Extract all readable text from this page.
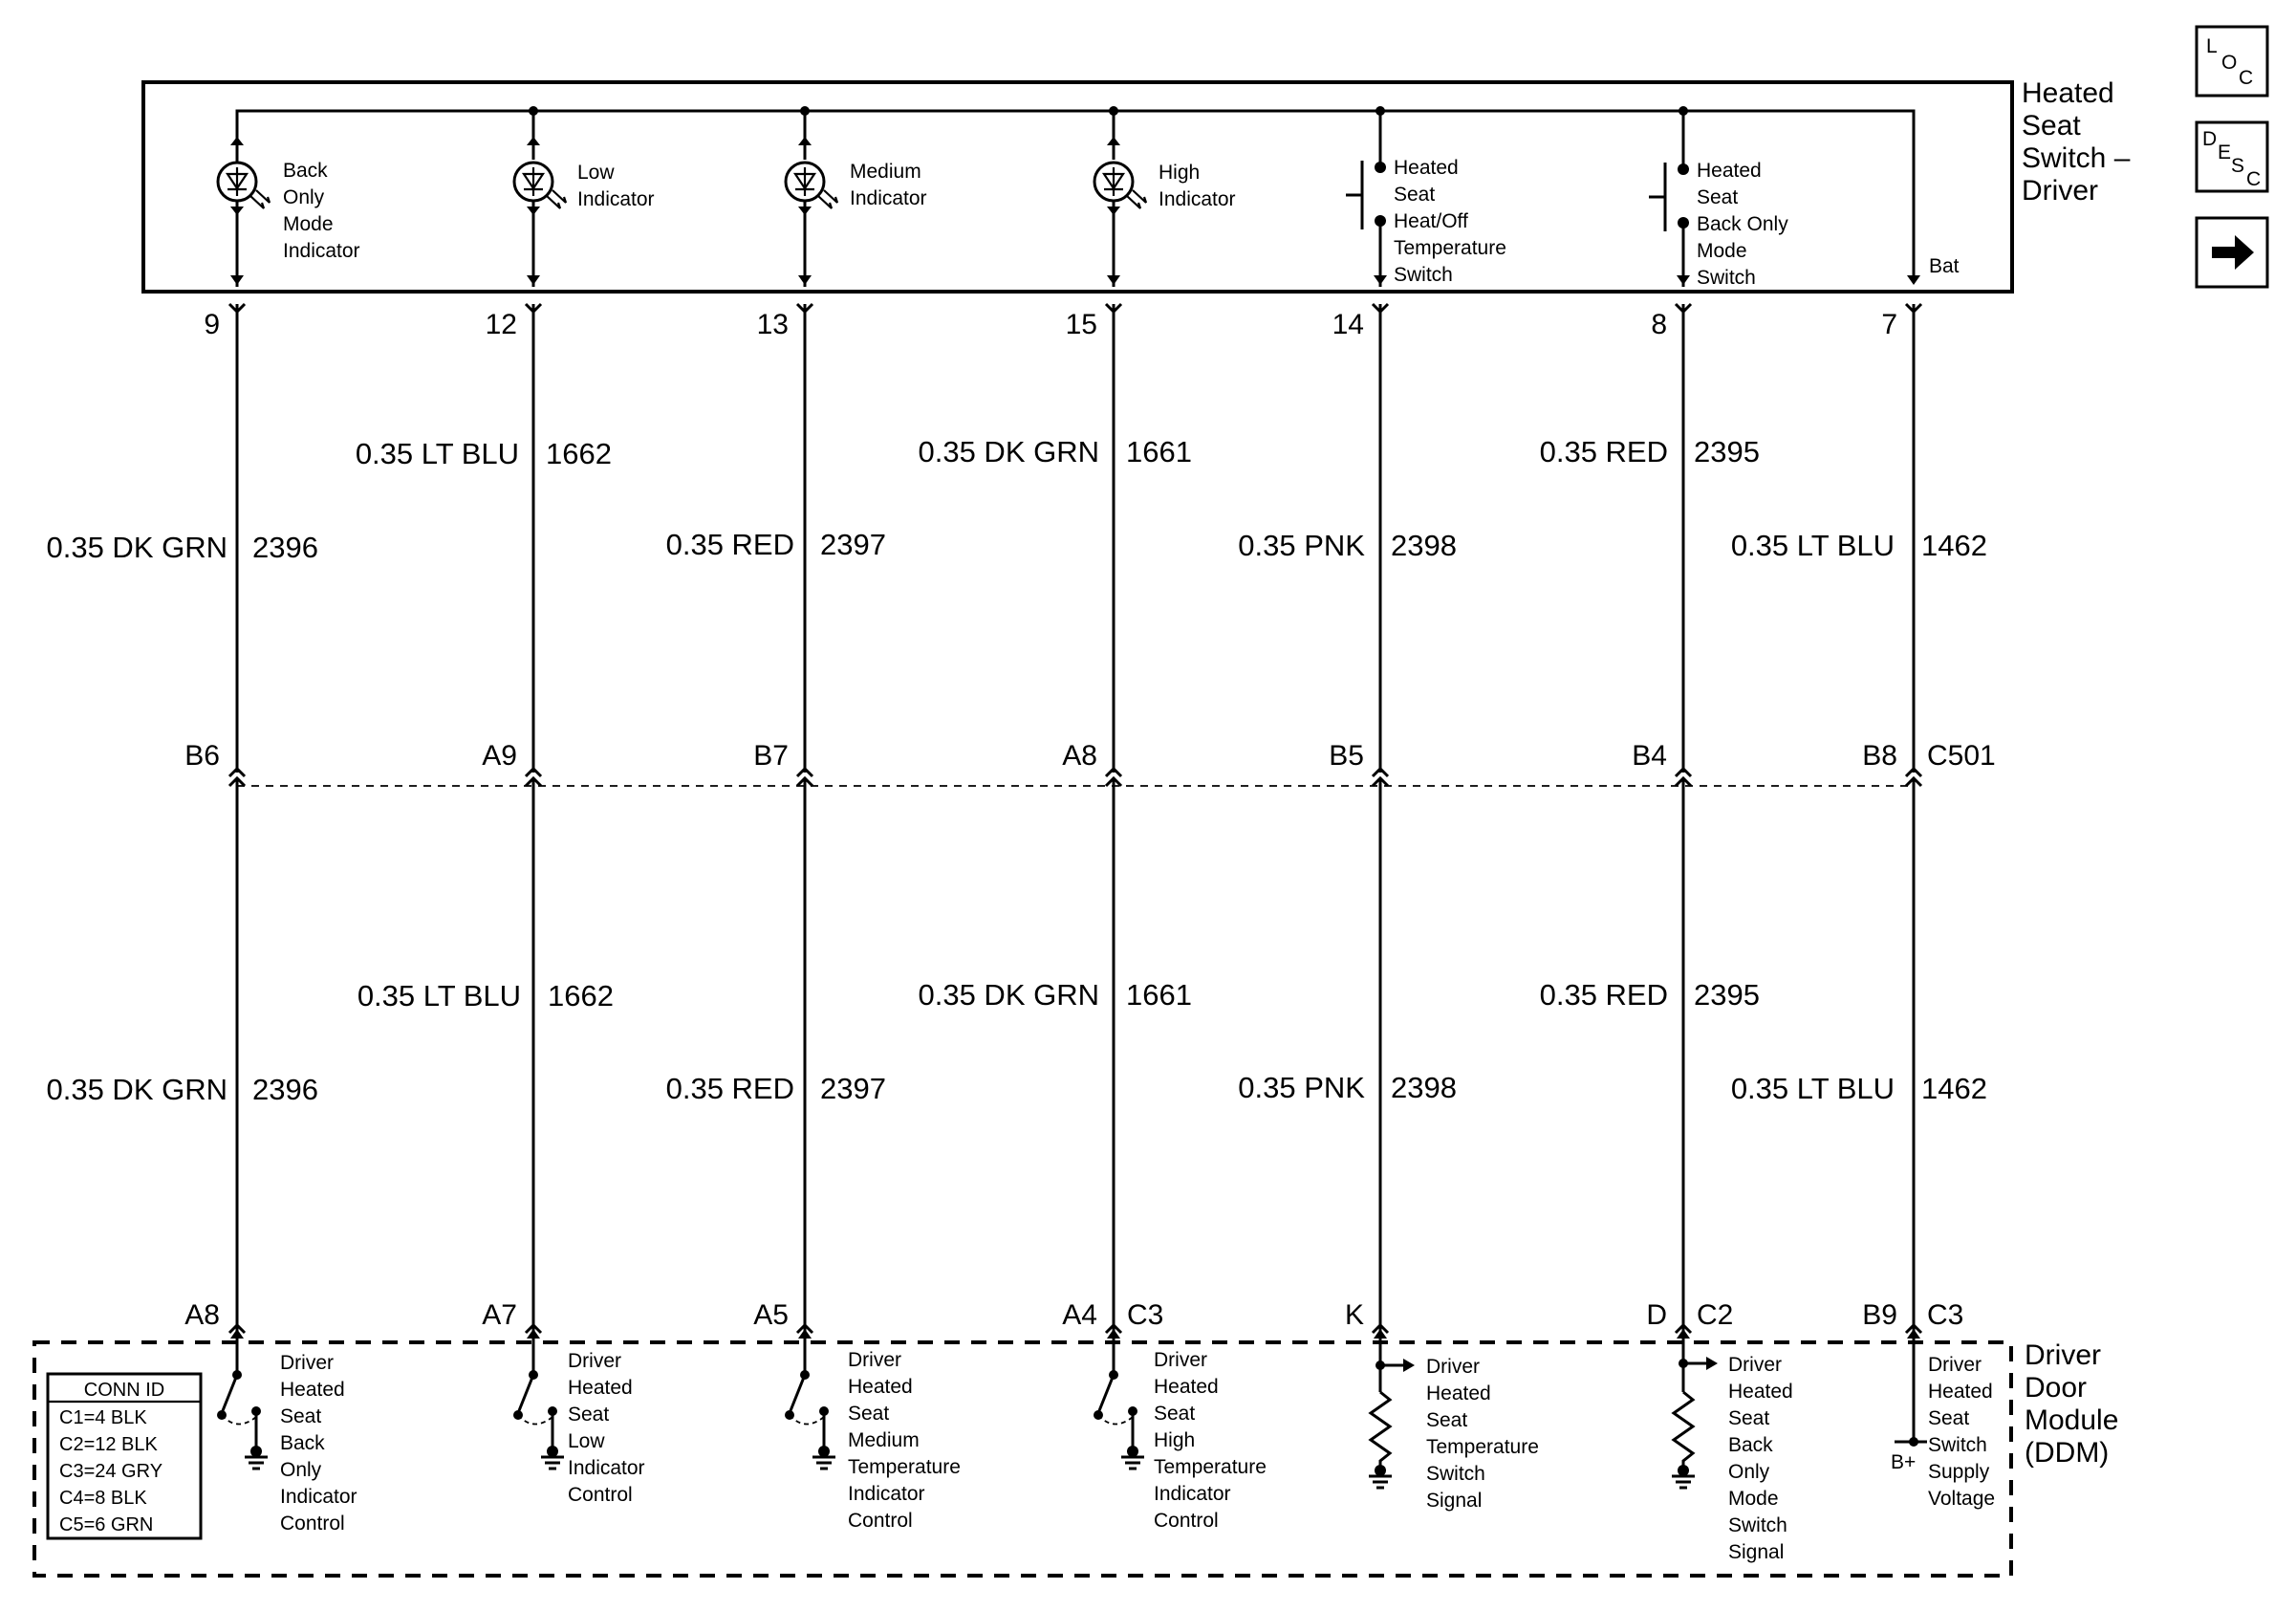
Heated Seat Switch – Driver
Bat
Back Only Mode Indicator
Low Indicator
Medium Indicator
High Indicator
Heated Seat Heat/Off Temperature Switch
Heated Seat Back Only Mode Switch
9	12	13	15	14	8	7
0.35 DK GRN 2396
0.35 LT BLU 1662
0.35 RED 2397
0.35 DK GRN 1661
0.35 PNK 2398
0.35 RED 2395
0.35 LT BLU 1462
B6	A9	B7	A8	B5	B4	B8 C501
0.35 DK GRN 2396
0.35 LT BLU 1662
0.35 RED 2397
0.35 DK GRN 1661
0.35 PNK 2398
0.35 RED 2395
0.35 LT BLU 1462
A8	A7	A5	A4 C3	K	D C2	B9 C3
Driver Door Module (DDM)
CONN ID
C1=4 BLK C2=12 BLK C3=24 GRY C4=8 BLK C5=6 GRN
Driver Heated Seat Back Only Indicator Control
Driver Heated Seat Low Indicator Control
Driver Heated Seat Medium Temperature Indicator Control
Driver Heated Seat High Temperature Indicator Control
Driver Heated Seat Temperature Switch Signal
Driver Heated Seat Back Only Mode Switch Signal
B+
Driver Heated Seat Switch Supply Voltage
L
O
C
D
E
S
C
